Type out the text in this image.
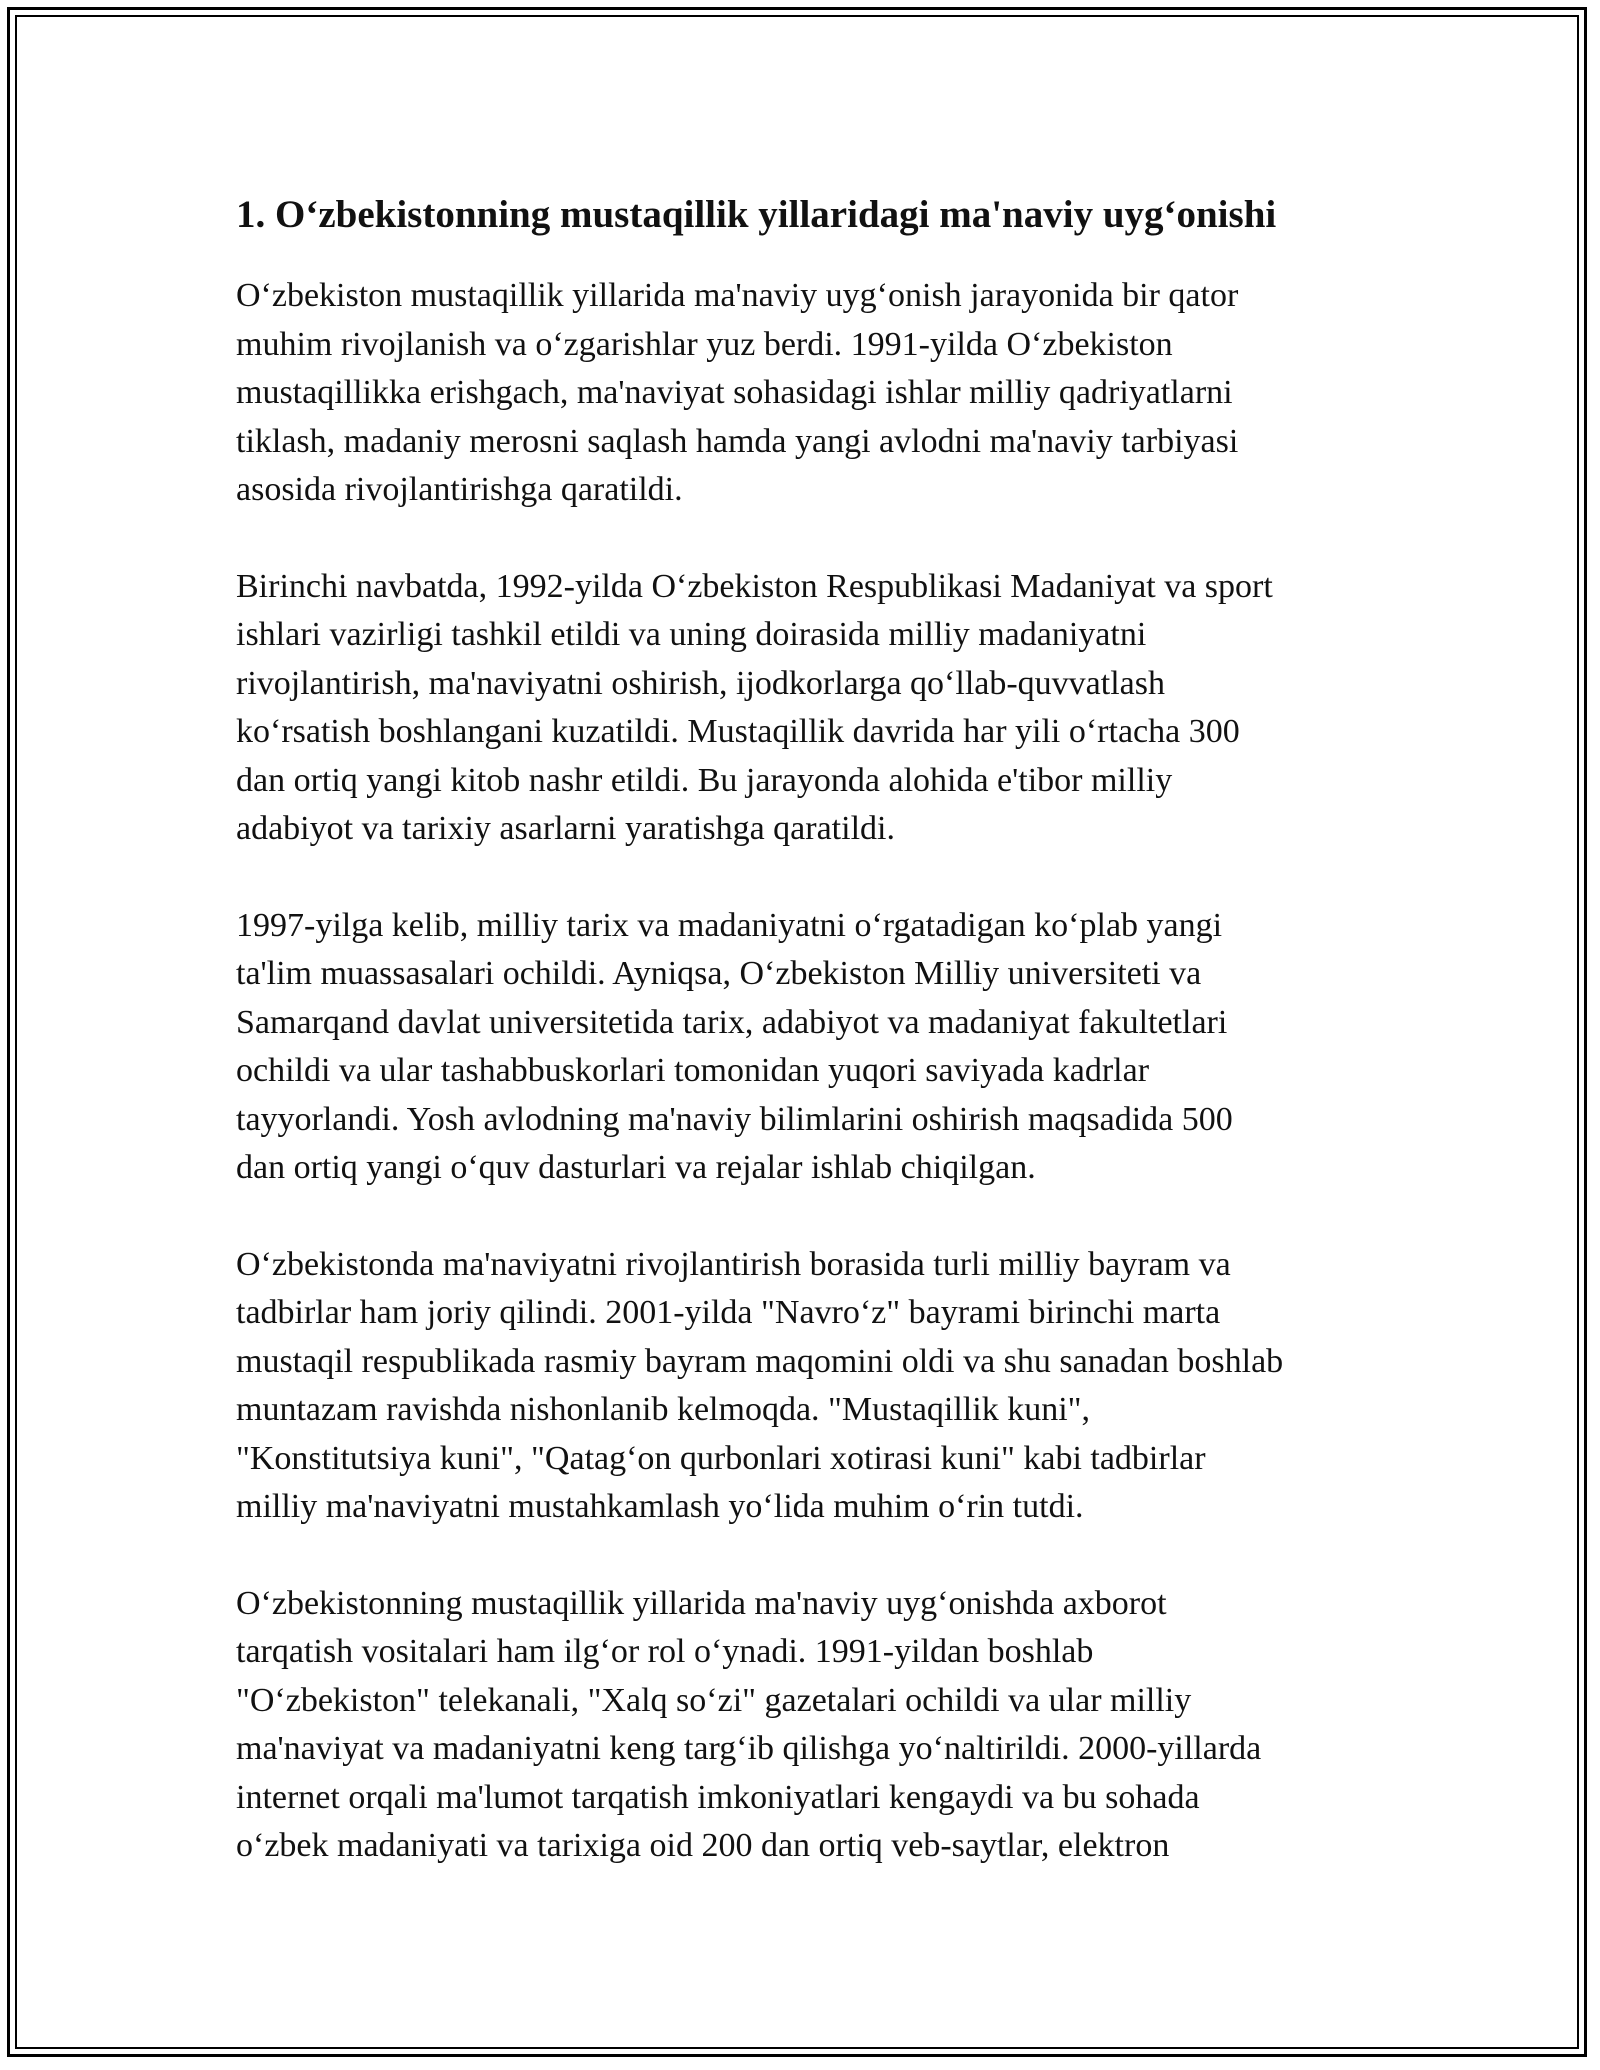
1. O‘zbekistonning mustaqillik yillaridagi ma'naviy uyg‘onishi
O‘zbekiston mustaqillik yillarida ma'naviy uyg‘onish jarayonida bir qator
muhim rivojlanish va o‘zgarishlar yuz berdi. 1991-yilda O‘zbekiston
mustaqillikka erishgach, ma'naviyat sohasidagi ishlar milliy qadriyatlarni
tiklash, madaniy merosni saqlash hamda yangi avlodni ma'naviy tarbiyasi
asosida rivojlantirishga qaratildi.
Birinchi navbatda, 1992-yilda O‘zbekiston Respublikasi Madaniyat va sport
ishlari vazirligi tashkil etildi va uning doirasida milliy madaniyatni
rivojlantirish, ma'naviyatni oshirish, ijodkorlarga qo‘llab-quvvatlash
ko‘rsatish boshlangani kuzatildi. Mustaqillik davrida har yili o‘rtacha 300
dan ortiq yangi kitob nashr etildi. Bu jarayonda alohida e'tibor milliy
adabiyot va tarixiy asarlarni yaratishga qaratildi.
1997-yilga kelib, milliy tarix va madaniyatni o‘rgatadigan ko‘plab yangi
ta'lim muassasalari ochildi. Ayniqsa, O‘zbekiston Milliy universiteti va
Samarqand davlat universitetida tarix, adabiyot va madaniyat fakultetlari
ochildi va ular tashabbuskorlari tomonidan yuqori saviyada kadrlar
tayyorlandi. Yosh avlodning ma'naviy bilimlarini oshirish maqsadida 500
dan ortiq yangi o‘quv dasturlari va rejalar ishlab chiqilgan.
O‘zbekistonda ma'naviyatni rivojlantirish borasida turli milliy bayram va
tadbirlar ham joriy qilindi. 2001-yilda "Navro‘z" bayrami birinchi marta
mustaqil respublikada rasmiy bayram maqomini oldi va shu sanadan boshlab
muntazam ravishda nishonlanib kelmoqda. "Mustaqillik kuni",
"Konstitutsiya kuni", "Qatag‘on qurbonlari xotirasi kuni" kabi tadbirlar
milliy ma'naviyatni mustahkamlash yo‘lida muhim o‘rin tutdi.
O‘zbekistonning mustaqillik yillarida ma'naviy uyg‘onishda axborot
tarqatish vositalari ham ilg‘or rol o‘ynadi. 1991-yildan boshlab
"O‘zbekiston" telekanali, "Xalq so‘zi" gazetalari ochildi va ular milliy
ma'naviyat va madaniyatni keng targ‘ib qilishga yo‘naltirildi. 2000-yillarda
internet orqali ma'lumot tarqatish imkoniyatlari kengaydi va bu sohada
o‘zbek madaniyati va tarixiga oid 200 dan ortiq veb-saytlar, elektron
